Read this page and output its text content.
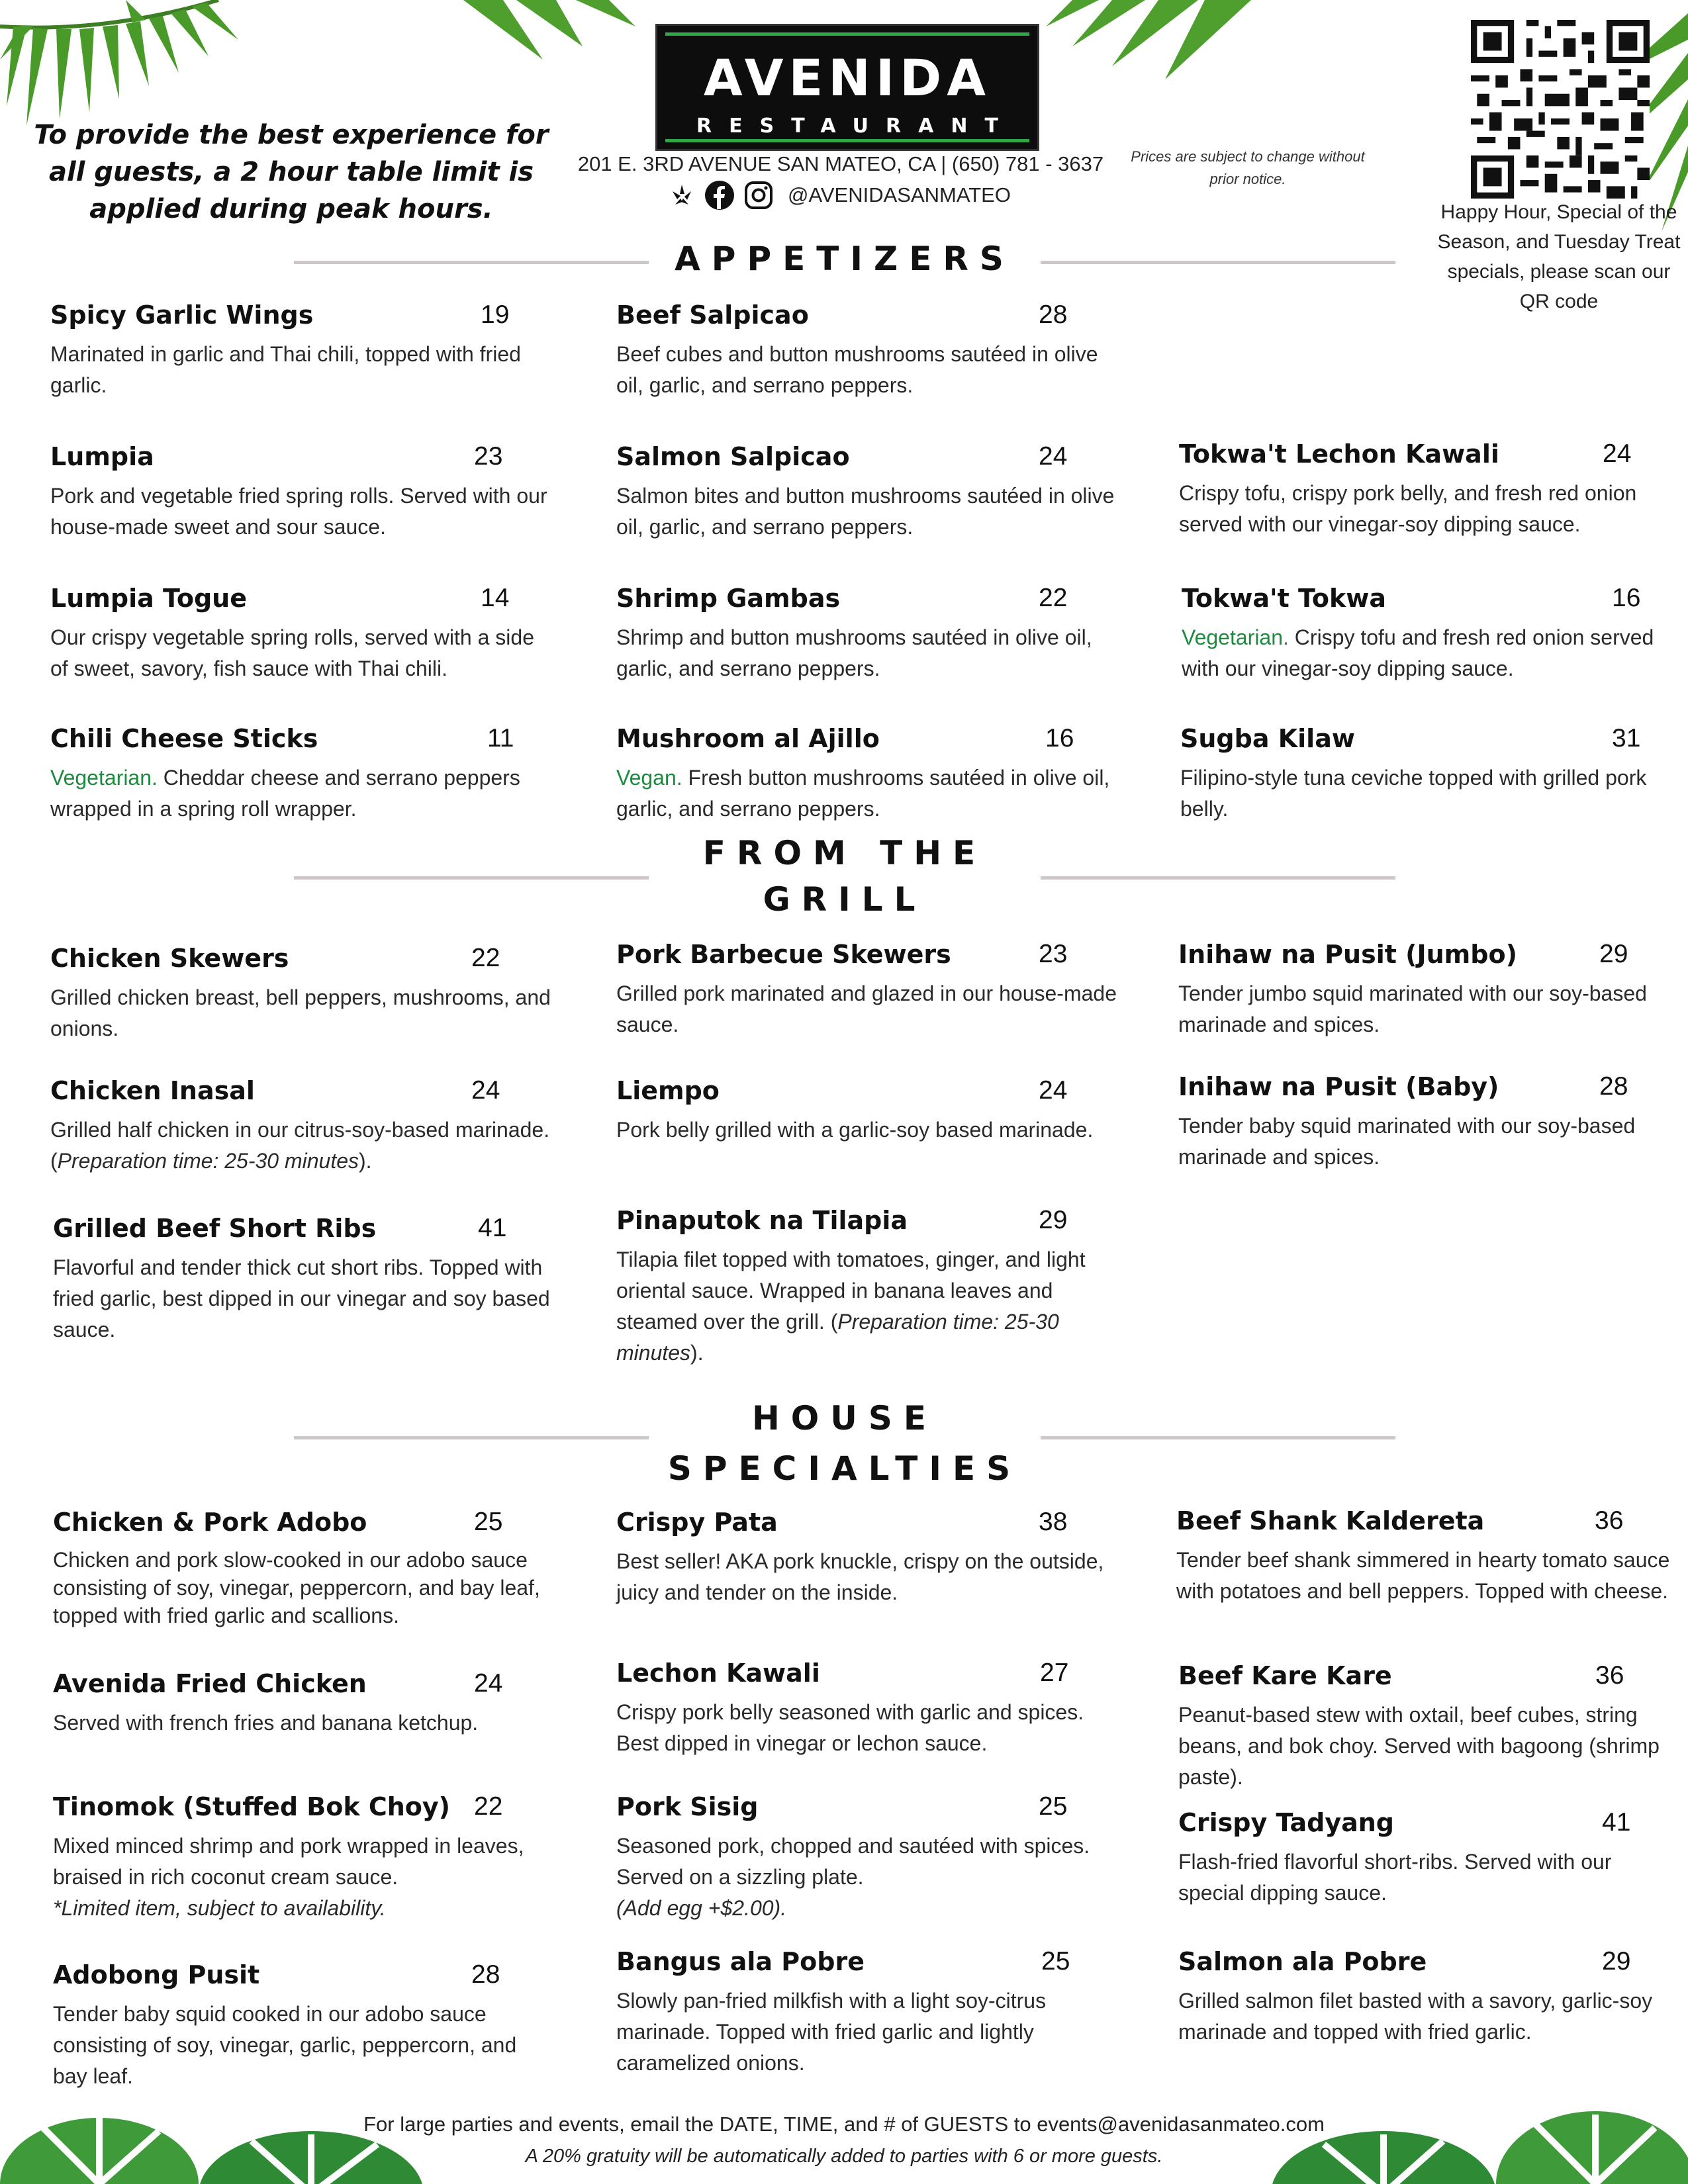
AVENIDA
RESTAURANT
To provide the best experience for all guests, a 2 hour table limit is applied during peak hours.
201 E. 3RD AVENUE SAN MATEO, CA | (650) 781 - 3637
@AVENIDASANMATEO
Prices are subject to change without prior notice.
Happy Hour, Special of the Season, and Tuesday Treat specials, please scan our QR code
APPETIZERS
Spicy Garlic Wings	19
Marinated in garlic and Thai chili, topped with fried garlic.
Beef Salpicao	28
Beef cubes and button mushrooms sautéed in olive oil, garlic, and serrano peppers.
Lumpia	23
Pork and vegetable fried spring rolls. Served with our house-made sweet and sour sauce.
Salmon Salpicao	24
Salmon bites and button mushrooms sautéed in olive oil, garlic, and serrano peppers.
Tokwa't Lechon Kawali	24
Crispy tofu, crispy pork belly, and fresh red onion served with our vinegar-soy dipping sauce.
Lumpia Togue	14
Our crispy vegetable spring rolls, served with a side of sweet, savory, fish sauce with Thai chili.
Shrimp Gambas	22
Shrimp and button mushrooms sautéed in olive oil, garlic, and serrano peppers.
Tokwa't Tokwa	16
Vegetarian. Crispy tofu and fresh red onion served with our vinegar-soy dipping sauce.
Chili Cheese Sticks	11
Vegetarian. Cheddar cheese and serrano peppers wrapped in a spring roll wrapper.
Mushroom al Ajillo	16
Vegan. Fresh button mushrooms sautéed in olive oil, garlic, and serrano peppers.
Sugba Kilaw	31
Filipino-style tuna ceviche topped with grilled pork belly.
FROM THE
GRILL
Chicken Skewers	22
Grilled chicken breast, bell peppers, mushrooms, and onions.
Pork Barbecue Skewers	23
Grilled pork marinated and glazed in our house-made sauce.
Inihaw na Pusit (Jumbo)	29
Tender jumbo squid marinated with our soy-based marinade and spices.
Chicken Inasal	24
Grilled half chicken in our citrus-soy-based marinade. (Preparation time: 25-30 minutes).
Liempo	24
Pork belly grilled with a garlic-soy based marinade.
Inihaw na Pusit (Baby)	28
Tender baby squid marinated with our soy-based marinade and spices.
Grilled Beef Short Ribs	41
Flavorful and tender thick cut short ribs. Topped with fried garlic, best dipped in our vinegar and soy based sauce.
Pinaputok na Tilapia	29
Tilapia filet topped with tomatoes, ginger, and light oriental sauce. Wrapped in banana leaves and steamed over the grill. (Preparation time: 25-30 minutes).
HOUSE
SPECIALTIES
Chicken & Pork Adobo	25
Chicken and pork slow-cooked in our adobo sauce consisting of soy, vinegar, peppercorn, and bay leaf, topped with fried garlic and scallions.
Crispy Pata	38
Best seller! AKA pork knuckle, crispy on the outside, juicy and tender on the inside.
Beef Shank Kaldereta	36
Tender beef shank simmered in hearty tomato sauce with potatoes and bell peppers. Topped with cheese.
Avenida Fried Chicken	24
Served with french fries and banana ketchup.
Lechon Kawali	27
Crispy pork belly seasoned with garlic and spices. Best dipped in vinegar or lechon sauce.
Beef Kare Kare	36
Peanut-based stew with oxtail, beef cubes, string beans, and bok choy. Served with bagoong (shrimp paste).
Tinomok (Stuffed Bok Choy) 22
Mixed minced shrimp and pork wrapped in leaves, braised in rich coconut cream sauce.
*Limited item, subject to availability.
Pork Sisig	25
Seasoned pork, chopped and sautéed with spices. Served on a sizzling plate.
(Add egg +$2.00).
Crispy Tadyang	41
Flash-fried flavorful short-ribs. Served with our special dipping sauce.
Adobong Pusit	28
Tender baby squid cooked in our adobo sauce consisting of soy, vinegar, garlic, peppercorn, and bay leaf.
Bangus ala Pobre	25
Slowly pan-fried milkfish with a light soy-citrus marinade. Topped with fried garlic and lightly caramelized onions.
Salmon ala Pobre	29
Grilled salmon filet basted with a savory, garlic-soy marinade and topped with fried garlic.
For large parties and events, email the DATE, TIME, and # of GUESTS to events@avenidasanmateo.com
A 20% gratuity will be automatically added to parties with 6 or more guests.
